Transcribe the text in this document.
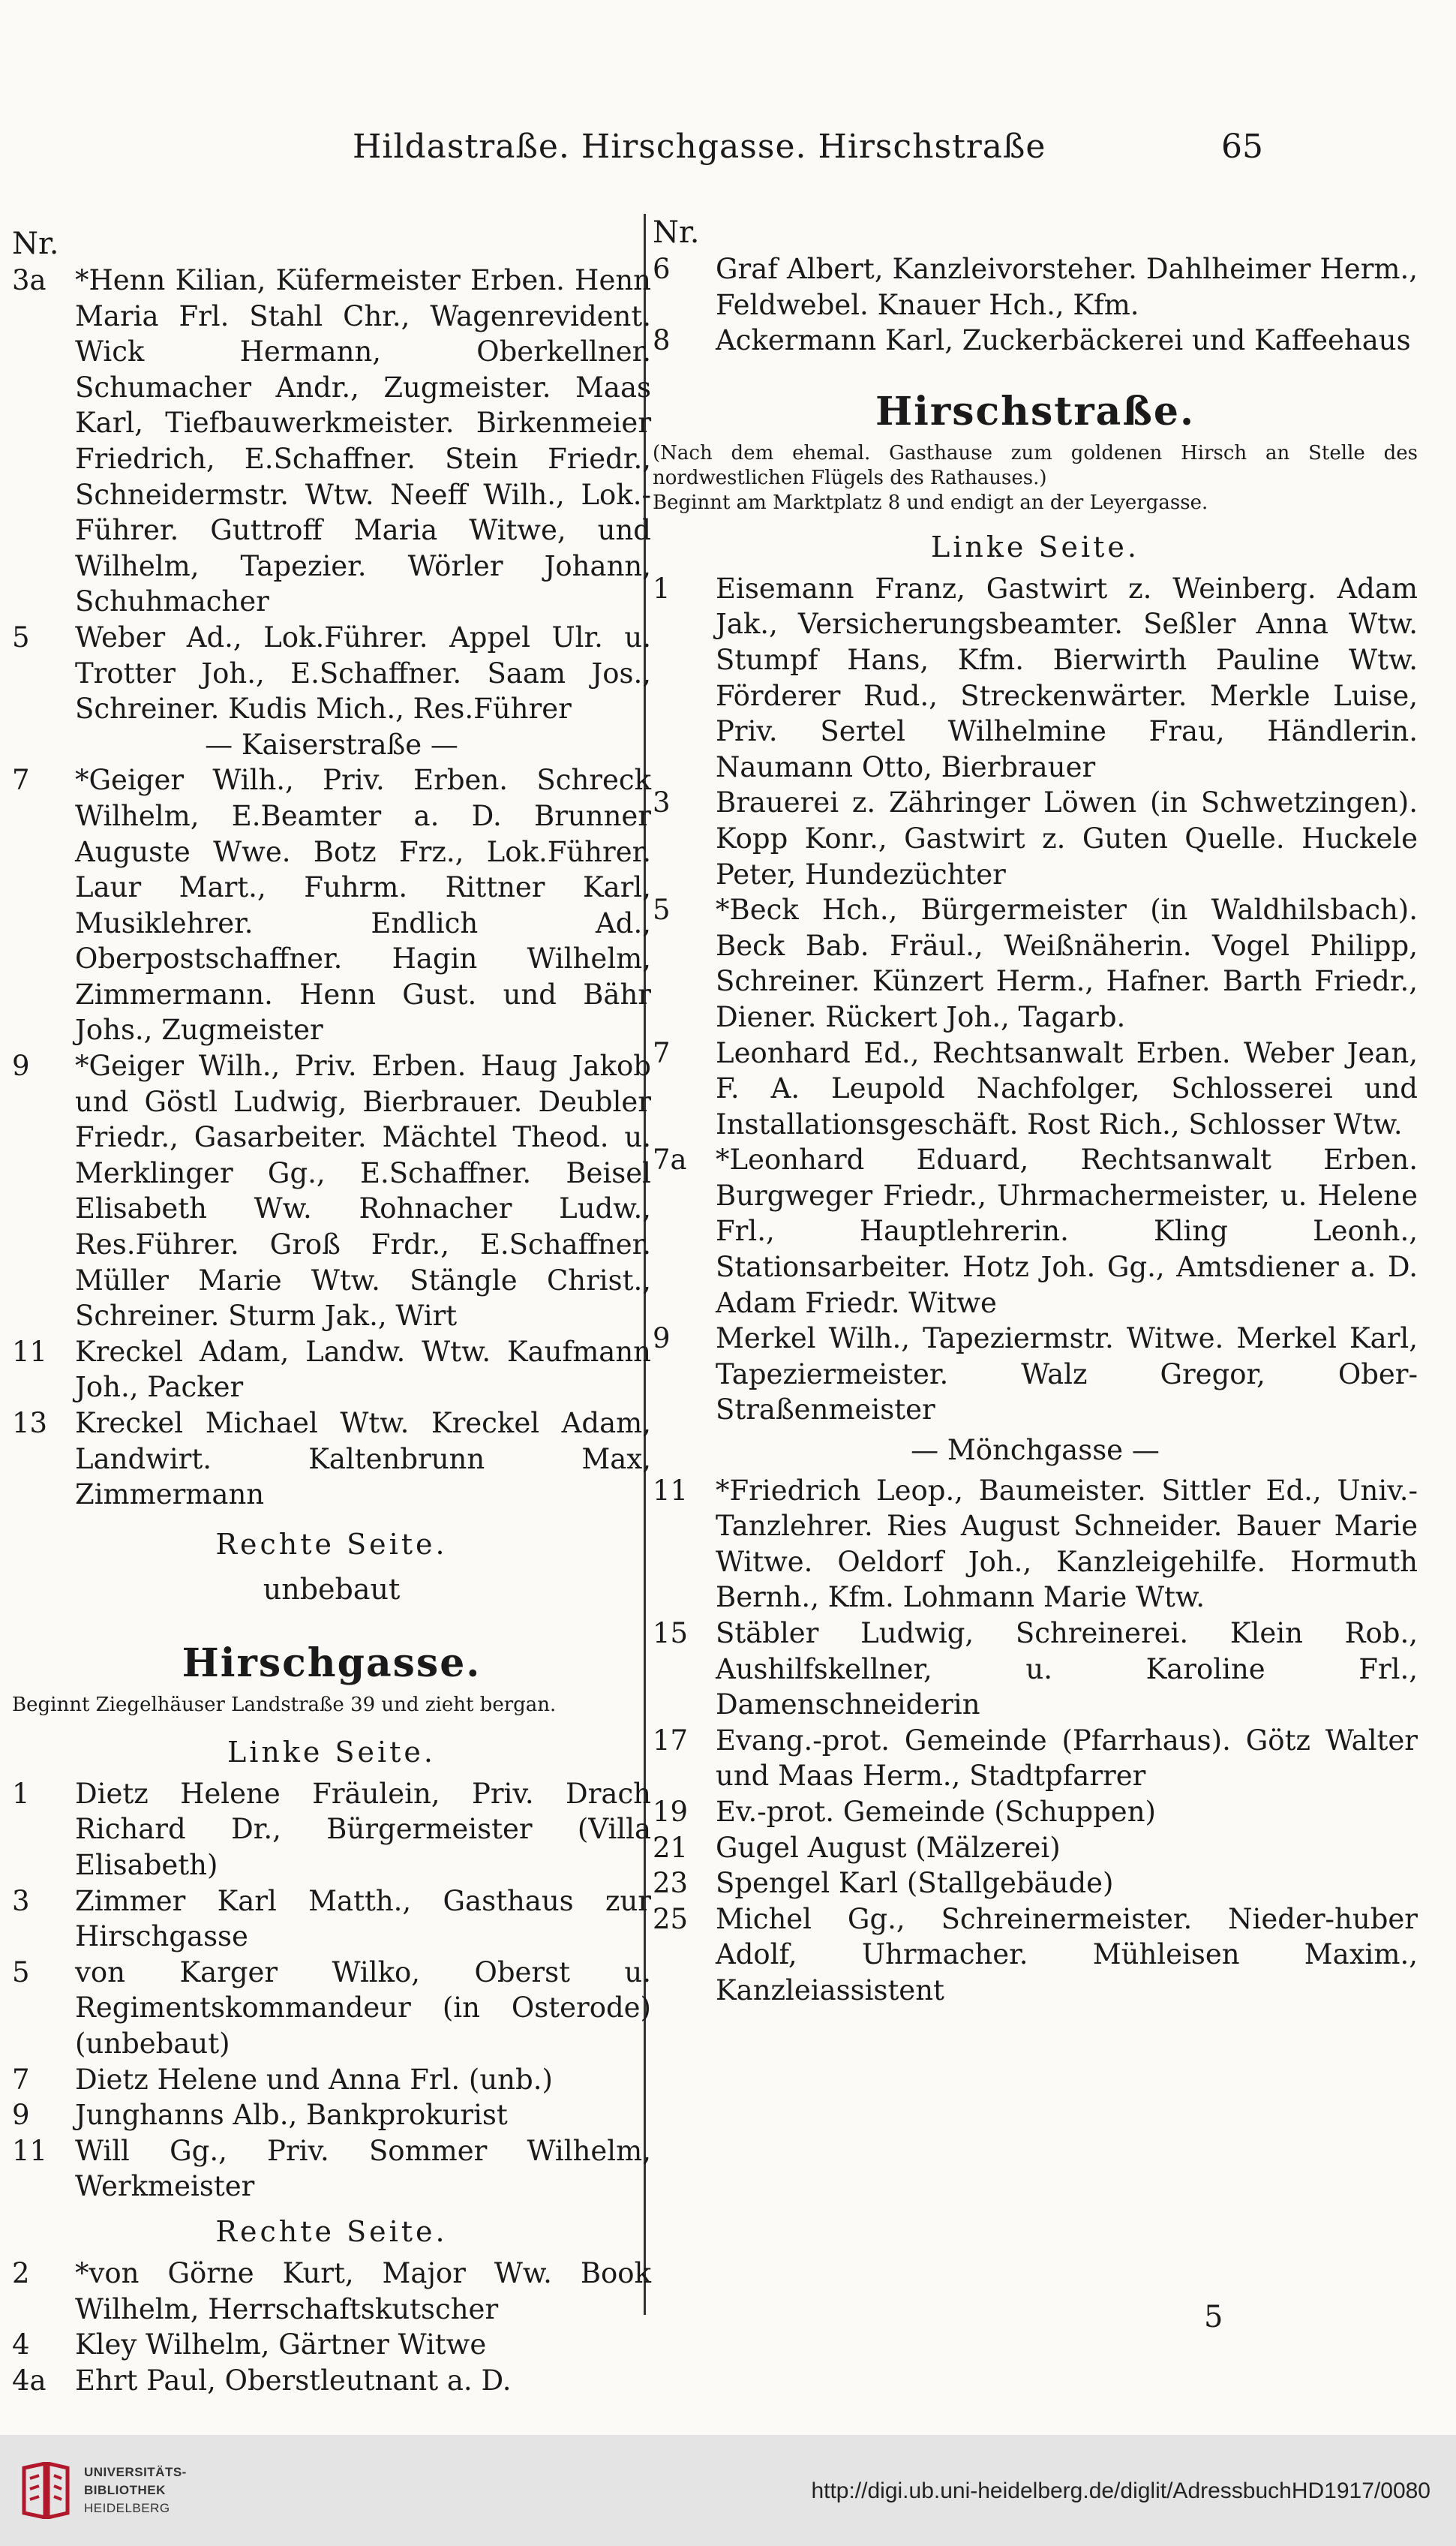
Hildastraße. Hirschgasse. Hirschstraße	65
Nr.

3a	*Henn Kilian, Küfermeister Erben. Henn Maria Frl. Stahl Chr., Wagenrevident. Wick Hermann, Oberkellner. Schumacher Andr., Zugmeister. Maas Karl, Tiefbauwerkmeister. Birkenmeier Friedrich, E.Schaffner. Stein Friedr., Schneidermstr. Wtw. Neeff Wilh., Lok.-Führer. Guttroff Maria Witwe, und Wilhelm, Tapezier. Wörler Johann, Schuhmacher

5	Weber Ad., Lok.Führer. Appel Ulr. u. Trotter Joh., E.Schaffner. Saam Jos., Schreiner. Kudis Mich., Res.Führer

— Kaiserstraße —

7	*Geiger Wilh., Priv. Erben. Schreck Wilhelm, E.Beamter a. D. Brunner Auguste Wwe. Botz Frz., Lok.Führer. Laur Mart., Fuhrm. Rittner Karl, Musiklehrer. Endlich Ad., Oberpostschaffner. Hagin Wilhelm, Zimmermann. Henn Gust. und Bähr Johs., Zugmeister

9	*Geiger Wilh., Priv. Erben. Haug Jakob und Göstl Ludwig, Bierbrauer. Deubler Friedr., Gasarbeiter. Mächtel Theod. u. Merklinger Gg., E.Schaffner. Beisel Elisabeth Ww. Rohnacher Ludw., Res.Führer. Groß Frdr., E.Schaffner. Müller Marie Wtw. Stängle Christ., Schreiner. Sturm Jak., Wirt

11 Kreckel Adam, Landw. Wtw. Kaufmann Joh., Packer

13 Kreckel Michael Wtw. Kreckel Adam, Landwirt. Kaltenbrunn Max, Zimmermann

Rechte Seite.
unbebaut
Hirschgasse.
Beginnt Ziegelhäuser Landstraße 39 und zieht bergan.
Linke Seite.

1	Dietz Helene Fräulein, Priv. Drach Richard Dr., Bürgermeister (Villa Elisabeth)

3	Zimmer Karl Matth., Gasthaus zur Hirschgasse

5	von Karger Wilko, Oberst u. Regimentskommandeur (in Osterode) (unbebaut)

7	Dietz Helene und Anna Frl. (unb.)

9	Junghanns Alb., Bankprokurist

11 Will Gg., Priv. Sommer Wilhelm, Werkmeister

Rechte Seite.

2	*von Görne Kurt, Major Ww. Book Wilhelm, Herrschaftskutscher

4	Kley Wilhelm, Gärtner Witwe

4a	Ehrt Paul, Oberstleutnant a. D.

Nr.

6	Graf Albert, Kanzleivorsteher. Dahlheimer Herm., Feldwebel. Knauer Hch., Kfm.

8	Ackermann Karl, Zuckerbäckerei und Kaffeehaus

Hirschstraße.
(Nach dem ehemal. Gasthause zum goldenen Hirsch an Stelle des nordwestlichen Flügels des Rathauses.)
Beginnt am Marktplatz 8 und endigt an der Leyergasse.
Linke Seite.

1	Eisemann Franz, Gastwirt z. Weinberg. Adam Jak., Versicherungsbeamter. Seßler Anna Wtw. Stumpf Hans, Kfm. Bierwirth Pauline Wtw. Förderer Rud., Streckenwärter. Merkle Luise, Priv. Sertel Wilhelmine Frau, Händlerin. Naumann Otto, Bierbrauer

3	Brauerei z. Zähringer Löwen (in Schwetzingen). Kopp Konr., Gastwirt z. Guten Quelle. Huckele Peter, Hundezüchter

5	*Beck Hch., Bürgermeister (in Waldhilsbach). Beck Bab. Fräul., Weißnäherin. Vogel Philipp, Schreiner. Künzert Herm., Hafner. Barth Friedr., Diener. Rückert Joh., Tagarb.

7	Leonhard Ed., Rechtsanwalt Erben. Weber Jean, F. A. Leupold Nachfolger, Schlosserei und Installationsgeschäft. Rost Rich., Schlosser Wtw.

7a	*Leonhard Eduard, Rechtsanwalt Erben. Burgweger Friedr., Uhrmachermeister, u. Helene Frl., Hauptlehrerin. Kling Leonh., Stationsarbeiter. Hotz Joh. Gg., Amtsdiener a. D. Adam Friedr. Witwe

9	Merkel Wilh., Tapeziermstr. Witwe. Merkel Karl, Tapeziermeister. Walz Gregor, Ober-Straßenmeister

— Mönchgasse —

11 *Friedrich Leop., Baumeister. Sittler Ed., Univ.-Tanzlehrer. Ries August Schneider. Bauer Marie Witwe. Oeldorf Joh., Kanzleigehilfe. Hormuth Bernh., Kfm. Lohmann Marie Wtw.

15 Stäbler Ludwig, Schreinerei. Klein Rob., Aushilfskellner, u. Karoline Frl., Damenschneiderin

17 Evang.-prot. Gemeinde (Pfarrhaus). Götz Walter und Maas Herm., Stadtpfarrer

19 Ev.-prot. Gemeinde (Schuppen)

21 Gugel August (Mälzerei)

23 Spengel Karl (Stallgebäude)

25 Michel Gg., Schreinermeister. Nieder-huber Adolf, Uhrmacher. Mühleisen Maxim., Kanzleiassistent

5
UNIVERSITÄTS-
BIBLIOTHEK
HEIDELBERG
http://digi.ub.uni-heidelberg.de/diglit/AdressbuchHD1917/0080
